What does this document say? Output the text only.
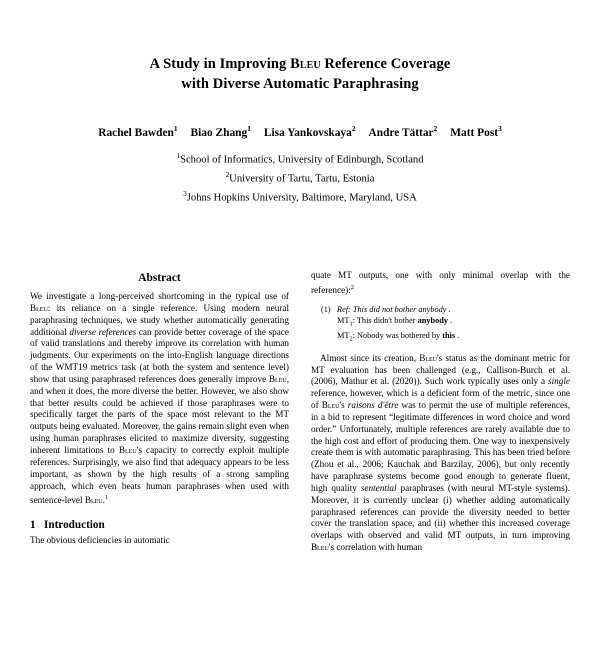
A Study in Improving Bleu Reference Coverage
with Diverse Automatic Paraphrasing
Rachel Bawden$^1$ Biao Zhang$^1$ Lisa Yankovskaya$^2$ Andre Tättar$^2$ Matt Post$^3$
$^1$School of Informatics, University of Edinburgh, Scotland
$^2$University of Tartu, Tartu, Estonia
$^3$Johns Hopkins University, Baltimore, Maryland, USA
Abstract

We investigate a long-perceived shortcoming in the typical use of Bleu: its reliance on a single reference. Using modern neural paraphrasing techniques, we study whether automatically generating additional diverse references can provide better coverage of the space of valid translations and thereby improve its correlation with human judgments. Our experiments on the into-English language directions of the WMT19 metrics task (at both the system and sentence level) show that using paraphrased references does generally improve Bleu, and when it does, the more diverse the better. However, we also show that better results could be achieved if those paraphrases were to specifically target the parts of the space most relevant to the MT outputs being evaluated. Moreover, the gains remain slight even when using human paraphrases elicited to maximize diversity, suggesting inherent limitations to Bleu's capacity to correctly exploit multiple references. Surprisingly, we also find that adequacy appears to be less important, as shown by the high results of a strong sampling approach, which even beats human paraphrases when used with sentence-level Bleu.$^1$

1 Introduction

The obvious deficiencies in automatic

quate MT outputs, one with only minimal overlap with the reference):$^2$

(1) Ref: This did not bother anybody .
$MT_1$: This didn't bother anybody .
$MT_2$: Nobody was bothered by this .

Almost since its creation, Bleu's status as the dominant metric for MT evaluation has been challenged (e.g., Callison-Burch et al. (2006), Mathur et al. (2020)). Such work typically uses only a single reference, however, which is a deficient form of the metric, since one of Bleu's raisons d'être was to permit the use of multiple references, in a bid to represent “legitimate differences in word choice and word order.” Unfortunately, multiple references are rarely available due to the high cost and effort of producing them. One way to inexpensively create them is with automatic paraphrasing. This has been tried before (Zhou et al., 2006; Kauchak and Barzilay, 2006), but only recently have paraphrase systems become good enough to generate fluent, high quality sentential paraphrases (with neural MT-style systems). Moreover, it is currently unclear (i) whether adding automatically paraphrased references can provide the diversity needed to better cover the translation space, and (ii) whether this increased coverage overlaps with observed and valid MT outputs, in turn improving Bleu's correlation with human
